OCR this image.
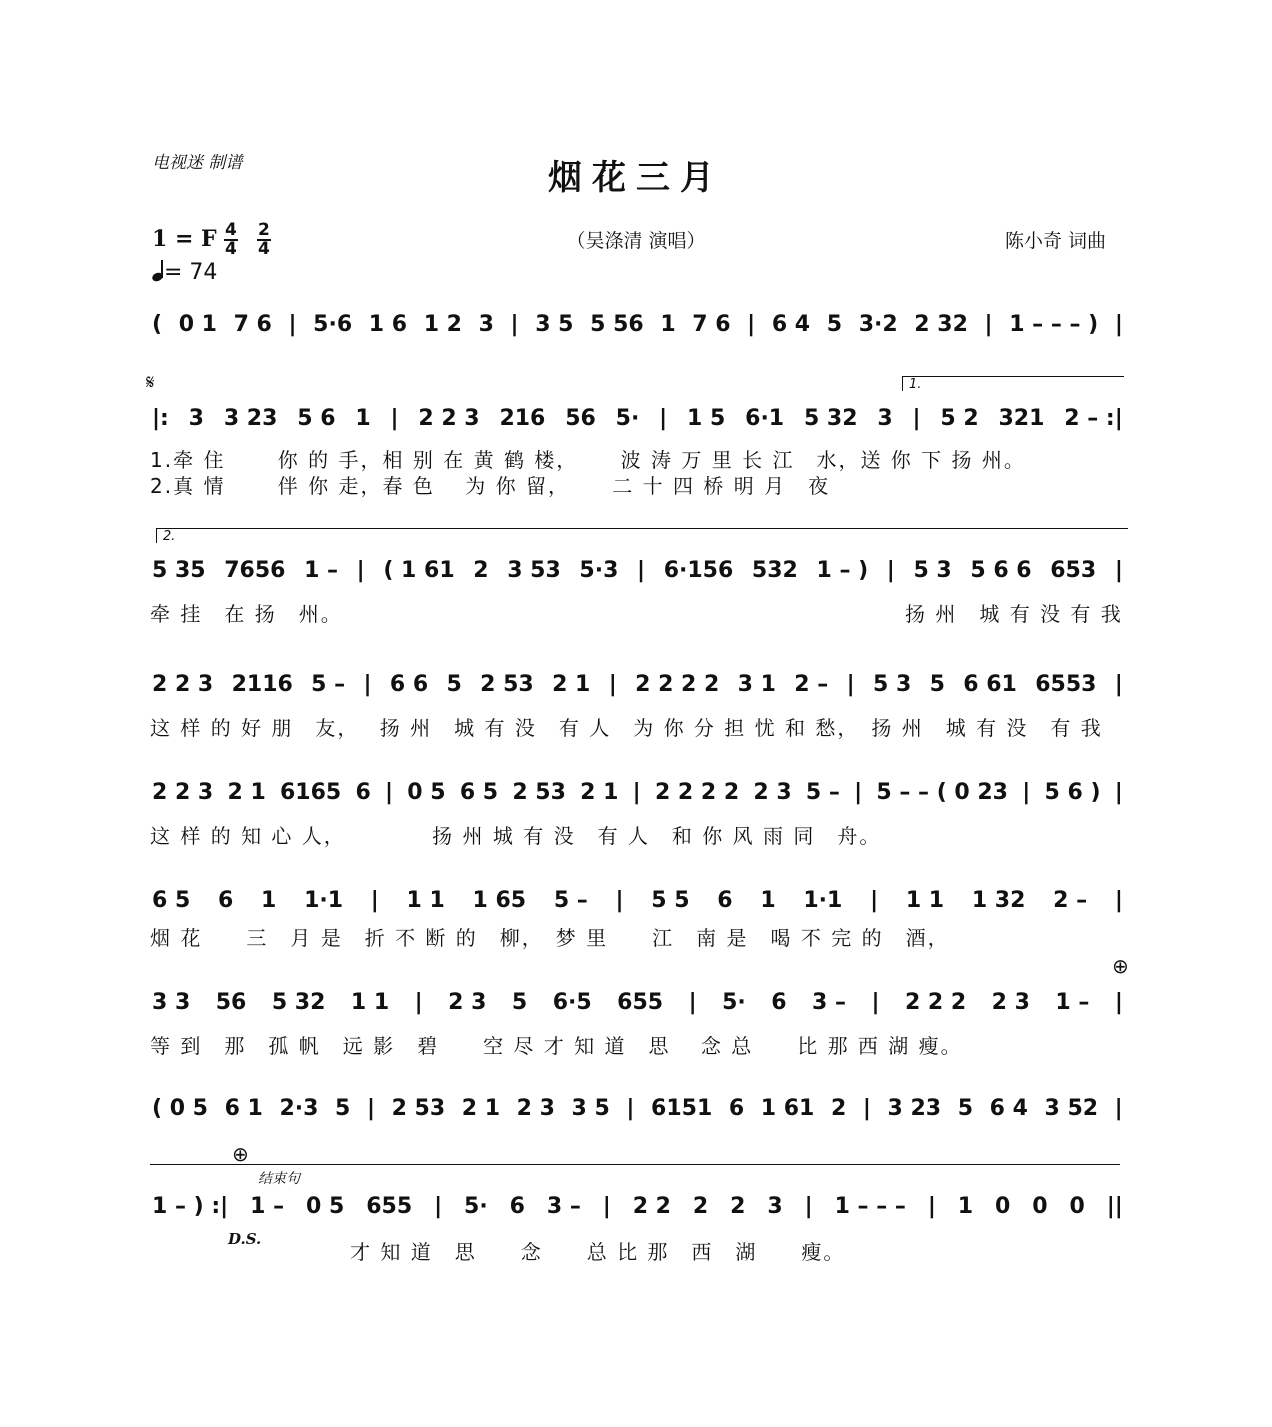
电视迷 制谱	烟花三月
1 = F 4
4
2
4
= 74
（吴涤清 演唱）	陈小奇 词曲
( 0 1 7 6 | 5·6 1 6 1 2 3 | 3 5 5 56 1 7 6 | 6 4 5 3·2 2 32 | 1 – – – ) |
𝄋	1.
|: 3 3 23 5 6 1 | 2 2 3 216 56 5· | 1 5 6·1 5 32 3 | 5 2 321 2 – :|
1.牵 住　　 你 的 手，相 别 在 黄 鹤 楼，　　 波 涛 万 里 长 江　水，送 你 下 扬 州。
2.真 情　　 伴 你 走，春 色　 为 你 留，　　 二 十 四 桥 明 月　夜
2.
5 35 7656 1 – | ( 1 61 2 3 53 5·3 | 6·156 532 1 – ) | 5 3 5 6 6 653 |
牵 挂　在 扬　州。	扬 州　城 有 没 有 我
2 2 3 2116 5 – | 6 6 5 2 53 2 1 | 2 2 2 2 3 1 2 – | 5 3 5 6 61 6553 |
这 样 的 好 朋　友，　 扬 州　城 有 没　有 人　为 你 分 担 忧 和 愁，　扬 州　城 有 没　有 我
2 2 3 2 1 6165 6 | 0 5 6 5 2 53 2 1 | 2 2 2 2 2 3 5 – | 5 – – ( 0 23 | 5 6 ) |
这 样 的 知 心 人，　　　　 扬 州 城 有 没　有 人　和 你 风 雨 同　舟。
6 5 6 1 1·1 | 1 1 1 65 5 – | 5 5 6 1 1·1 | 1 1 1 32 2 – |
烟 花　　三　月 是　折 不 断 的　柳，　梦 里　　江　南 是　喝 不 完 的　酒，
⊕
3 3 56 5 32 1 1 | 2 3 5 6·5 655 | 5· 6 3 – | 2 2 2 2 3 1 – |
等 到　那　孤 帆　远 影　碧　　空 尽 才 知 道　思　 念 总　　比 那 西 湖 瘦。
( 0 5 6 1 2·3 5 | 2 53 2 1 2 3 3 5 | 6151 6 1 61 2 | 3 23 5 6 4 3 52 |
⊕
结束句
1 – ) :| 1 – 0 5 655 | 5· 6 3 – | 2 2 2 2 3 | 1 – – – | 1 0 0 0 ||
D.S.
才 知 道　思　　念　　总 比 那　西　湖　　瘦。
